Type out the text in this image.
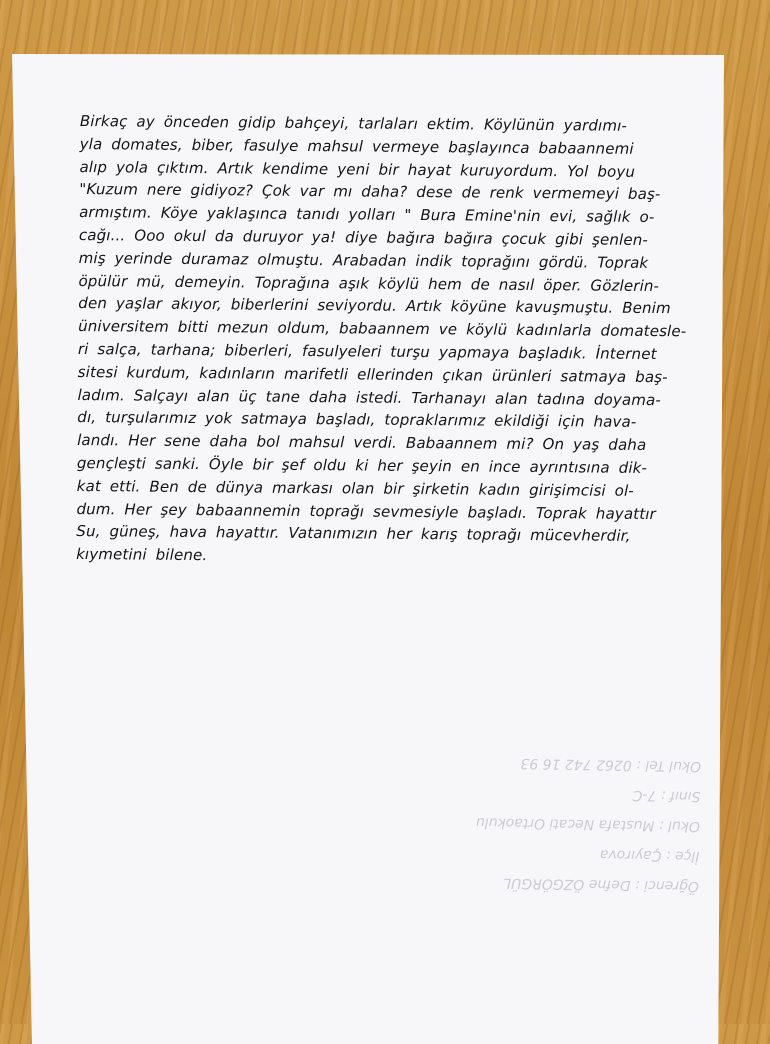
Birkaç ay önceden gidip bahçeyi, tarlaları ektim. Köylünün yardımı-
yla domates, biber, fasulye mahsul vermeye başlayınca babaannemi
alıp yola çıktım. Artık kendime yeni bir hayat kuruyordum. Yol boyu
"Kuzum nere gidiyoz? Çok var mı daha? dese de renk vermemeyi baş-
armıştım. Köye yaklaşınca tanıdı yolları " Bura Emine'nin evi, sağlık o-
cağı... Ooo okul da duruyor ya! diye bağıra bağıra çocuk gibi şenlen-
miş yerinde duramaz olmuştu. Arabadan indik toprağını gördü. Toprak
öpülür mü, demeyin. Toprağına aşık köylü hem de nasıl öper. Gözlerin-
den yaşlar akıyor, biberlerini seviyordu. Artık köyüne kavuşmuştu. Benim
üniversitem bitti mezun oldum, babaannem ve köylü kadınlarla domatesle-
ri salça, tarhana; biberleri, fasulyeleri turşu yapmaya başladık. İnternet
sitesi kurdum, kadınların marifetli ellerinden çıkan ürünleri satmaya baş-
ladım. Salçayı alan üç tane daha istedi. Tarhanayı alan tadına doyama-
dı, turşularımız yok satmaya başladı, topraklarımız ekildiği için hava-
landı. Her sene daha bol mahsul verdi. Babaannem mi? On yaş daha
gençleşti sanki. Öyle bir şef oldu ki her şeyin en ince ayrıntısına dik-
kat etti. Ben de dünya markası olan bir şirketin kadın girişimcisi ol-
dum. Her şey babaannemin toprağı sevmesiyle başladı. Toprak hayattır
Su, güneş, hava hayattır. Vatanımızın her karış toprağı mücevherdir,
kıymetini bilene.
Öğrenci : Defne ÖZGÖRGÜL
İlçe : Çayırova
Okul : Mustafa Necati Ortaokulu
Sınıf : 7-C
Okul Tel : 0262 742 16 93
